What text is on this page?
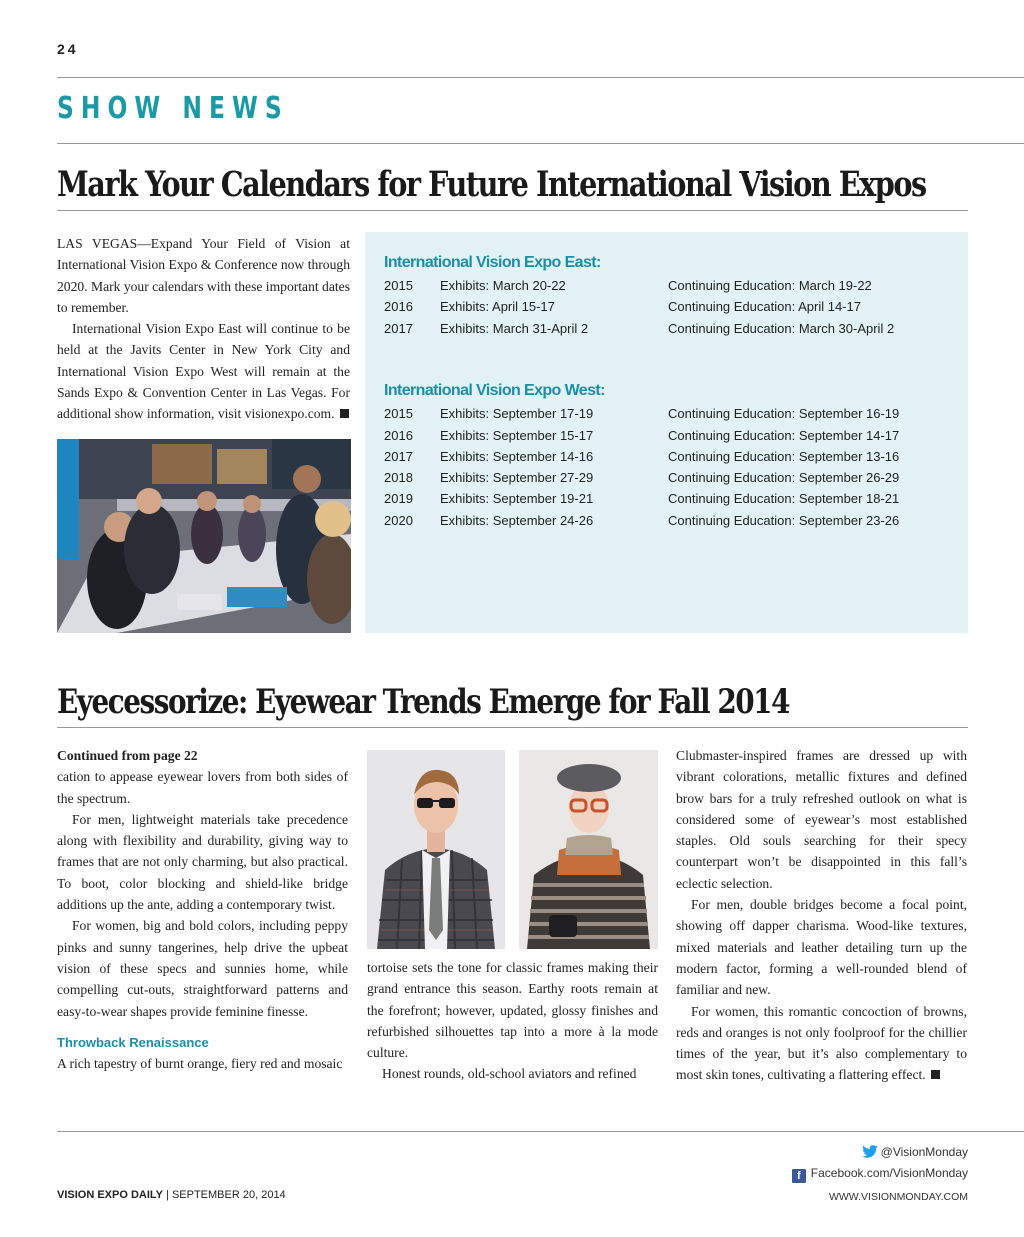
24
SHOW NEWS
Mark Your Calendars for Future International Vision Expos

LAS VEGAS—Expand Your Field of Vision at International Vision Expo & Conference now through 2020. Mark your calendars with these important dates to remember.

International Vision Expo East will continue to be held at the Javits Center in New York City and International Vision Expo West will remain at the Sands Expo & Convention Center in Las Vegas. For additional show information, visit visionexpo.com.

International Vision Expo East:
2015 Exhibits: March 20-22	Continuing Education: March 19-22
2016 Exhibits: April 15-17	Continuing Education: April 14-17
2017 Exhibits: March 31-April 2	Continuing Education: March 30-April 2
International Vision Expo West:
2015 Exhibits: September 17-19	Continuing Education: September 16-19
2016 Exhibits: September 15-17	Continuing Education: September 14-17
2017 Exhibits: September 14-16	Continuing Education: September 13-16
2018 Exhibits: September 27-29	Continuing Education: September 26-29
2019 Exhibits: September 19-21	Continuing Education: September 18-21
2020 Exhibits: September 24-26	Continuing Education: September 23-26
Eyecessorize: Eyewear Trends Emerge for Fall 2014

Continued from page 22

cation to appease eyewear lovers from both sides of the spectrum.

For men, lightweight materials take precedence along with flexibility and durability, giving way to frames that are not only charming, but also practical. To boot, color blocking and shield-like bridge additions up the ante, adding a contemporary twist.

For women, big and bold colors, including peppy pinks and sunny tangerines, help drive the upbeat vision of these specs and sunnies home, while compelling cut-outs, straightforward patterns and easy-to-wear shapes provide feminine finesse.

Throwback Renaissance

A rich tapestry of burnt orange, fiery red and mosaic

tortoise sets the tone for classic frames making their grand entrance this season. Earthy roots remain at the forefront; however, updated, glossy finishes and refurbished silhouettes tap into a more à la mode culture.

Honest rounds, old-school aviators and refined

Clubmaster-inspired frames are dressed up with vibrant colorations, metallic fixtures and defined brow bars for a truly refreshed outlook on what is considered some of eyewear’s most established staples. Old souls searching for their specy counterpart won’t be disappointed in this fall’s eclectic selection.

For men, double bridges become a focal point, showing off dapper charisma. Wood-like textures, mixed materials and leather detailing turn up the modern factor, forming a well-rounded blend of familiar and new.

For women, this romantic concoction of browns, reds and oranges is not only foolproof for the chillier times of the year, but it’s also complementary to most skin tones, cultivating a flattering effect.

@VisionMonday
f Facebook.com/VisionMonday
VISION EXPO DAILY | SEPTEMBER 20, 2014	WWW.VISIONMONDAY.COM
